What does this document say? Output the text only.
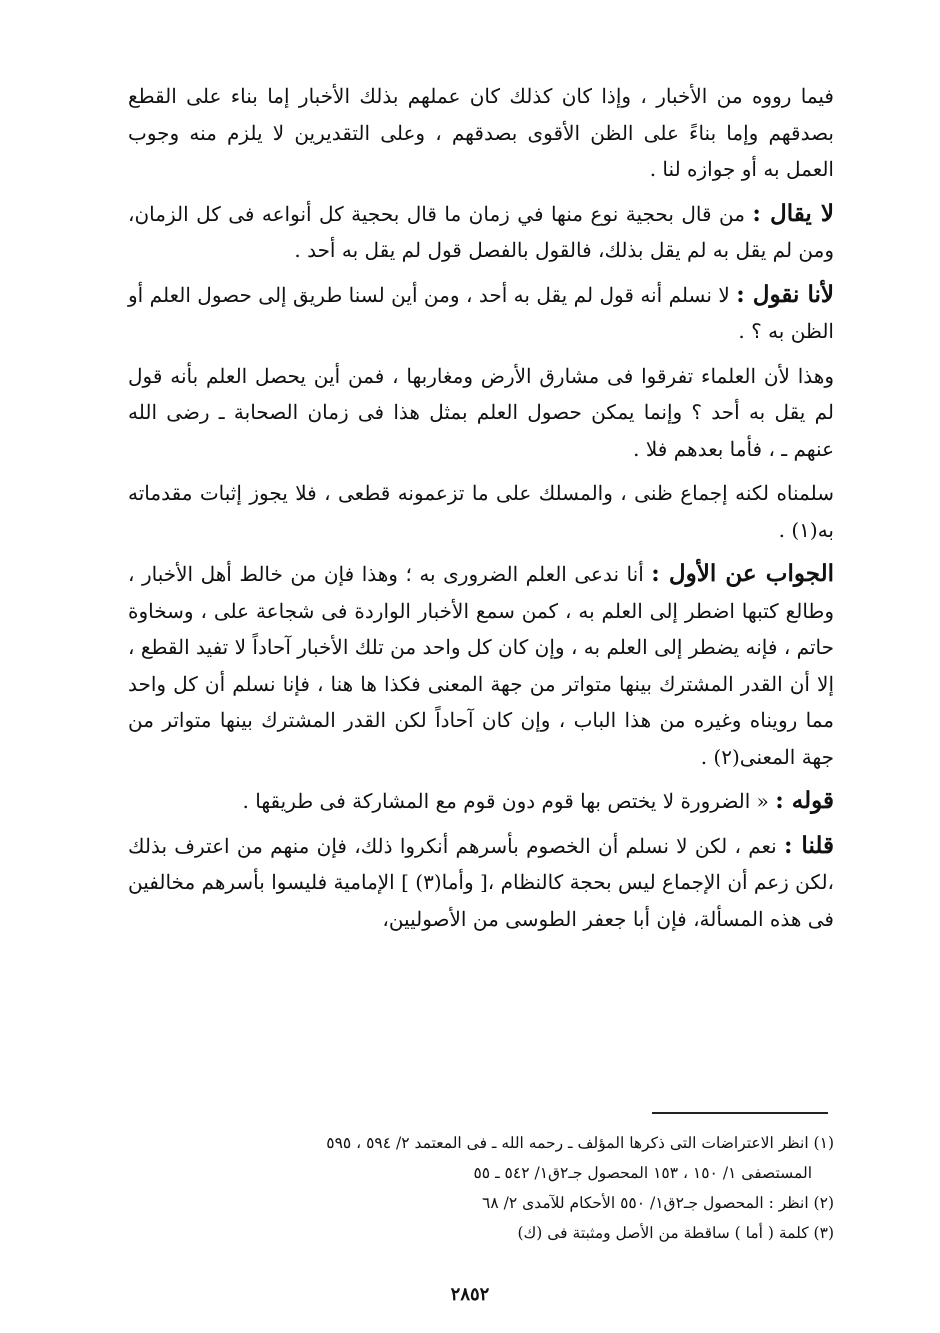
فيما رووه من الأخبار ، وإذا كان كذلك كان عملهم بذلك الأخبار إما بناء على القطع بصدقهم وإما بناءً على الظن الأقوى بصدقهم ، وعلى التقديرين لا يلزم منه وجوب العمل به أو جوازه لنا .

لا يقال : من قال بحجية نوع منها في زمان ما قال بحجية كل أنواعه فى كل الزمان، ومن لم يقل به لم يقل بذلك، فالقول بالفصل قول لم يقل به أحد .

لأنا نقول : لا نسلم أنه قول لم يقل به أحد ، ومن أين لسنا طريق إلى حصول العلم أو الظن به ؟ .

وهذا لأن العلماء تفرقوا فى مشارق الأرض ومغاربها ، فمن أين يحصل العلم بأنه قول لم يقل به أحد ؟ وإنما يمكن حصول العلم بمثل هذا فى زمان الصحابة ـ رضى الله عنهم ـ ، فأما بعدهم فلا .

سلمناه لكنه إجماع ظنى ، والمسلك على ما تزعمونه قطعى ، فلا يجوز إثبات مقدماته به(١) .

الجواب عن الأول : أنا ندعى العلم الضرورى به ؛ وهذا فإن من خالط أهل الأخبار ، وطالع كتبها اضطر إلى العلم به ، كمن سمع الأخبار الواردة فى شجاعة على ، وسخاوة حاتم ، فإنه يضطر إلى العلم به ، وإن كان كل واحد من تلك الأخبار آحاداً لا تفيد القطع ، إلا أن القدر المشترك بينها متواتر من جهة المعنى فكذا ها هنا ، فإنا نسلم أن كل واحد مما رويناه وغيره من هذا الباب ، وإن كان آحاداً لكن القدر المشترك بينها متواتر من جهة المعنى(٢) .

قوله : « الضرورة لا يختص بها قوم دون قوم مع المشاركة فى طريقها .

قلنا : نعم ، لكن لا نسلم أن الخصوم بأسرهم أنكروا ذلك، فإن منهم من اعترف بذلك ،لكن زعم أن الإجماع ليس بحجة كالنظام ،[ وأما(٣) ] الإمامية فليسوا بأسرهم مخالفين فى هذه المسألة، فإن أبا جعفر الطوسى من الأصوليين،

(١) انظر الاعتراضات التى ذكرها المؤلف ـ رحمه الله ـ فى المعتمد ٢/ ٥٩٤ ، ٥٩٥

المستصفى ١/ ١٥٠ ، ١٥٣ المحصول جـ٢ق١/ ٥٤٢ ـ ٥٥

(٢) انظر : المحصول جـ٢ق١/ ٥٥٠ الأحكام للآمدى ٢/ ٦٨

(٣) كلمة ( أما ) ساقطة من الأصل ومثبتة فى (ك)

٢٨٥٢
